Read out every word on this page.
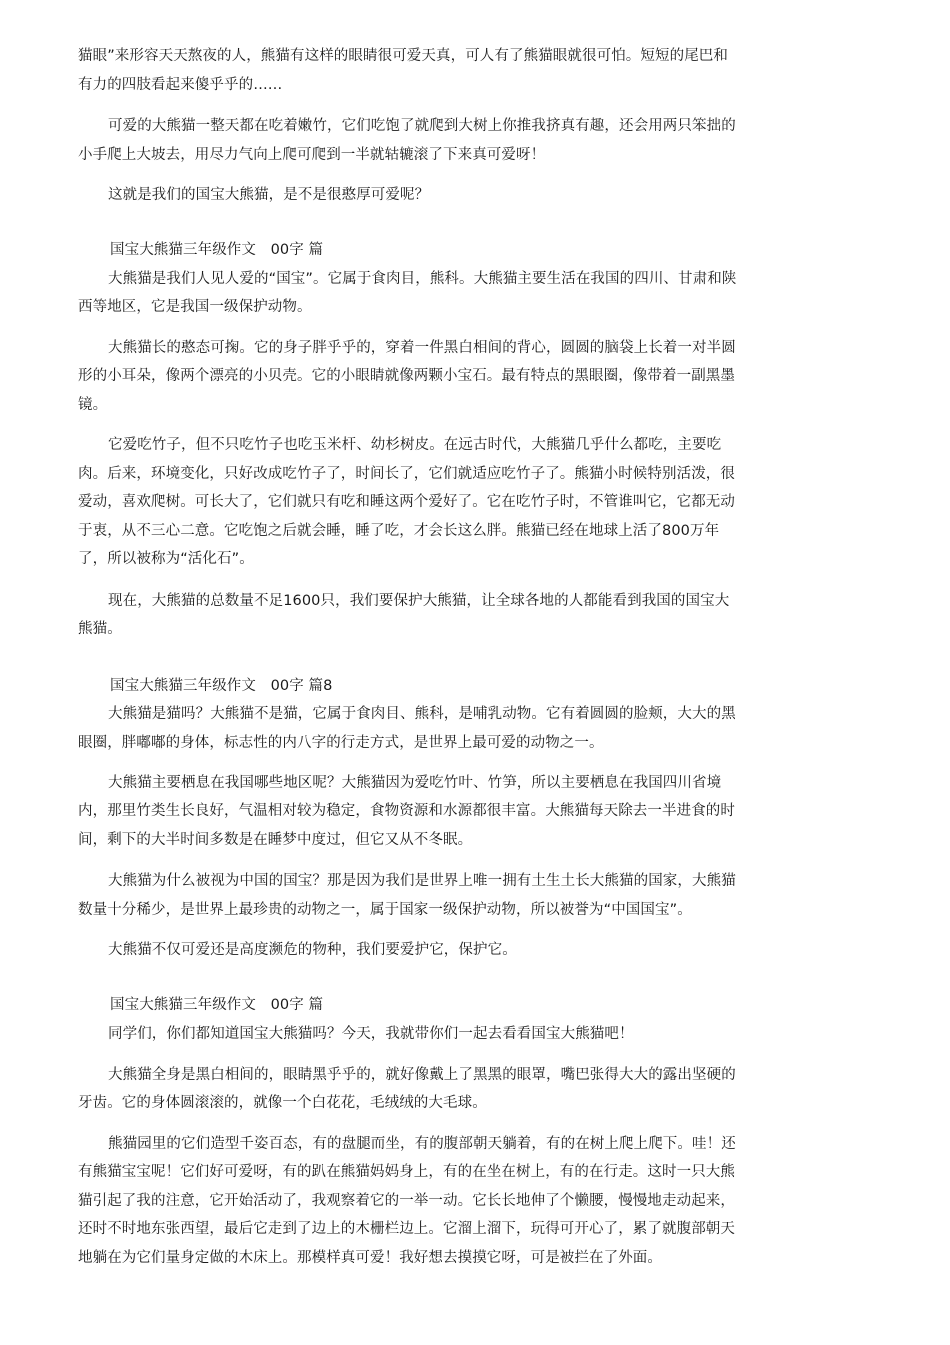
猫眼”来形容天天熬夜的人，熊猫有这样的眼睛很可爱天真，可人有了熊猫眼就很可怕。短短的尾巴和
有力的四肢看起来傻乎乎的……
可爱的大熊猫一整天都在吃着嫩竹，它们吃饱了就爬到大树上你推我挤真有趣，还会用两只笨拙的
小手爬上大坡去，用尽力气向上爬可爬到一半就轱辘滚了下来真可爱呀！
这就是我们的国宝大熊猫，是不是很憨厚可爱呢？
国宝大熊猫三年级作文　00字 篇
大熊猫是我们人见人爱的“国宝”。它属于食肉目，熊科。大熊猫主要生活在我国的四川、甘肃和陕
西等地区，它是我国一级保护动物。
大熊猫长的憨态可掬。它的身子胖乎乎的，穿着一件黑白相间的背心，圆圆的脑袋上长着一对半圆
形的小耳朵，像两个漂亮的小贝壳。它的小眼睛就像两颗小宝石。最有特点的黑眼圈，像带着一副黑墨
镜。
它爱吃竹子，但不只吃竹子也吃玉米杆、幼杉树皮。在远古时代，大熊猫几乎什么都吃，主要吃
肉。后来，环境变化，只好改成吃竹子了，时间长了，它们就适应吃竹子了。熊猫小时候特别活泼，很
爱动，喜欢爬树。可长大了，它们就只有吃和睡这两个爱好了。它在吃竹子时，不管谁叫它，它都无动
于衷，从不三心二意。它吃饱之后就会睡，睡了吃，才会长这么胖。熊猫已经在地球上活了800万年
了，所以被称为“活化石”。
现在，大熊猫的总数量不足1600只，我们要保护大熊猫，让全球各地的人都能看到我国的国宝大
熊猫。
国宝大熊猫三年级作文　00字 篇8
大熊猫是猫吗？大熊猫不是猫，它属于食肉目、熊科，是哺乳动物。它有着圆圆的脸颊，大大的黑
眼圈，胖嘟嘟的身体，标志性的内八字的行走方式，是世界上最可爱的动物之一。
大熊猫主要栖息在我国哪些地区呢？大熊猫因为爱吃竹叶、竹笋，所以主要栖息在我国四川省境
内，那里竹类生长良好，气温相对较为稳定，食物资源和水源都很丰富。大熊猫每天除去一半进食的时
间，剩下的大半时间多数是在睡梦中度过，但它又从不冬眠。
大熊猫为什么被视为中国的国宝？那是因为我们是世界上唯一拥有土生土长大熊猫的国家，大熊猫
数量十分稀少，是世界上最珍贵的动物之一，属于国家一级保护动物，所以被誉为“中国国宝”。
大熊猫不仅可爱还是高度濒危的物种，我们要爱护它，保护它。
国宝大熊猫三年级作文　00字 篇
同学们，你们都知道国宝大熊猫吗？今天，我就带你们一起去看看国宝大熊猫吧！
大熊猫全身是黑白相间的，眼睛黑乎乎的，就好像戴上了黑黑的眼罩，嘴巴张得大大的露出坚硬的
牙齿。它的身体圆滚滚的，就像一个白花花，毛绒绒的大毛球。
熊猫园里的它们造型千姿百态，有的盘腿而坐，有的腹部朝天躺着，有的在树上爬上爬下。哇！还
有熊猫宝宝呢！它们好可爱呀，有的趴在熊猫妈妈身上，有的在坐在树上，有的在行走。这时一只大熊
猫引起了我的注意，它开始活动了，我观察着它的一举一动。它长长地伸了个懒腰，慢慢地走动起来，
还时不时地东张西望，最后它走到了边上的木栅栏边上。它溜上溜下，玩得可开心了，累了就腹部朝天
地躺在为它们量身定做的木床上。那模样真可爱！我好想去摸摸它呀，可是被拦在了外面。
